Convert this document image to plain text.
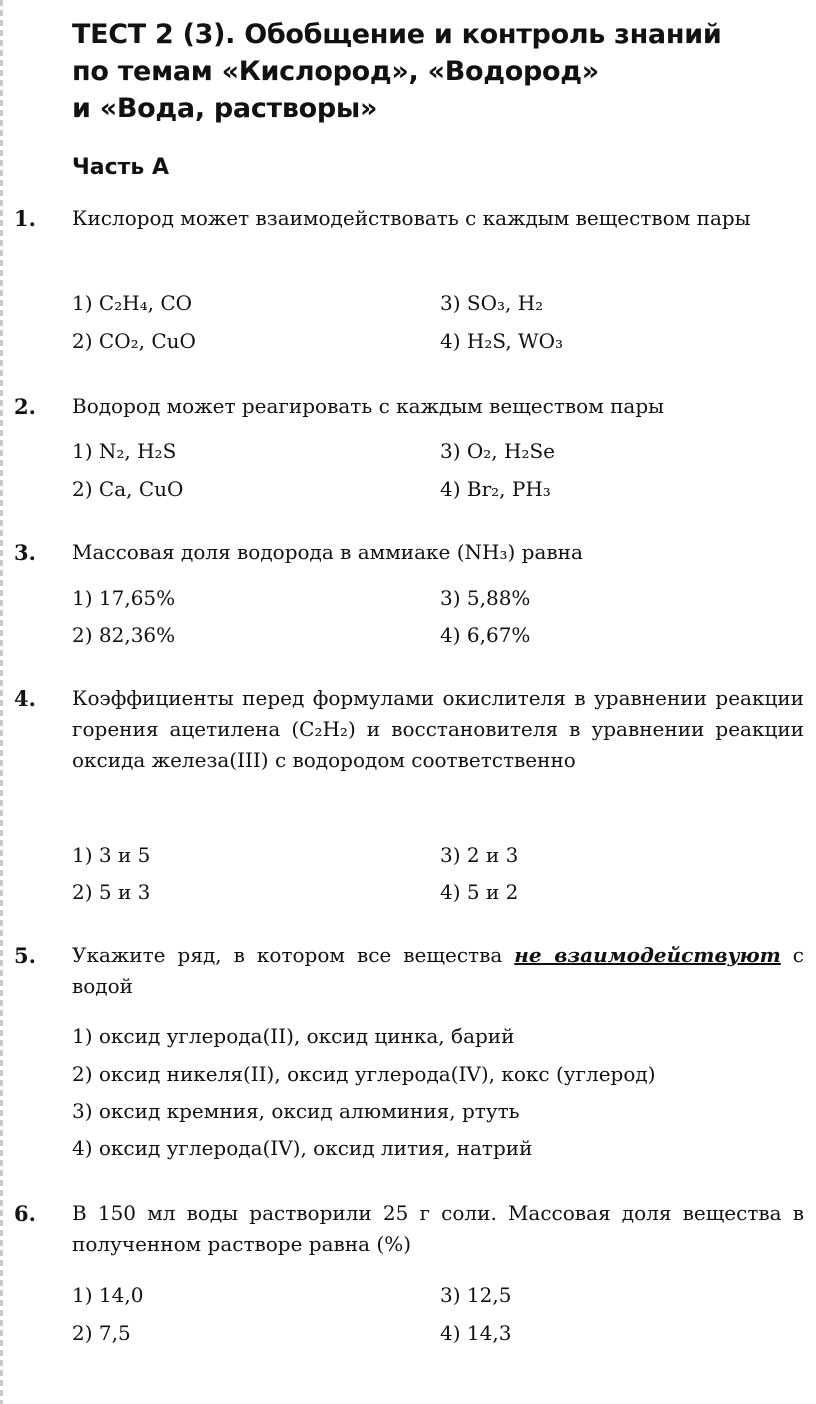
ТЕСТ 2 (3). Обобщение и контроль знаний
по темам «Кислород», «Водород»
и «Вода, растворы»
Часть А
1. Кислород может взаимодействовать с каждым веществом пары
1) C₂H₄, CO	3) SO₃, H₂
2) CO₂, CuO	4) H₂S, WO₃
2. Водород может реагировать с каждым веществом пары
1) N₂, H₂S	3) O₂, H₂Se
2) Ca, CuO	4) Br₂, PH₃
3. Массовая доля водорода в аммиаке (NH₃) равна
1) 17,65%	3) 5,88%
2) 82,36%	4) 6,67%
4. Коэффициенты перед формулами окислителя в уравнении реакции горения ацетилена (C₂H₂) и восстановителя в уравнении реакции оксида железа(III) с водородом соответственно
1) 3 и 5	3) 2 и 3
2) 5 и 3	4) 5 и 2
5. Укажите ряд, в котором все вещества не взаимодействуют с водой
1) оксид углерода(II), оксид цинка, барий
2) оксид никеля(II), оксид углерода(IV), кокс (углерод)
3) оксид кремния, оксид алюминия, ртуть
4) оксид углерода(IV), оксид лития, натрий
6. В 150 мл воды растворили 25 г соли. Массовая доля вещества в полученном растворе равна (%)
1) 14,0	3) 12,5
2) 7,5	4) 14,3
